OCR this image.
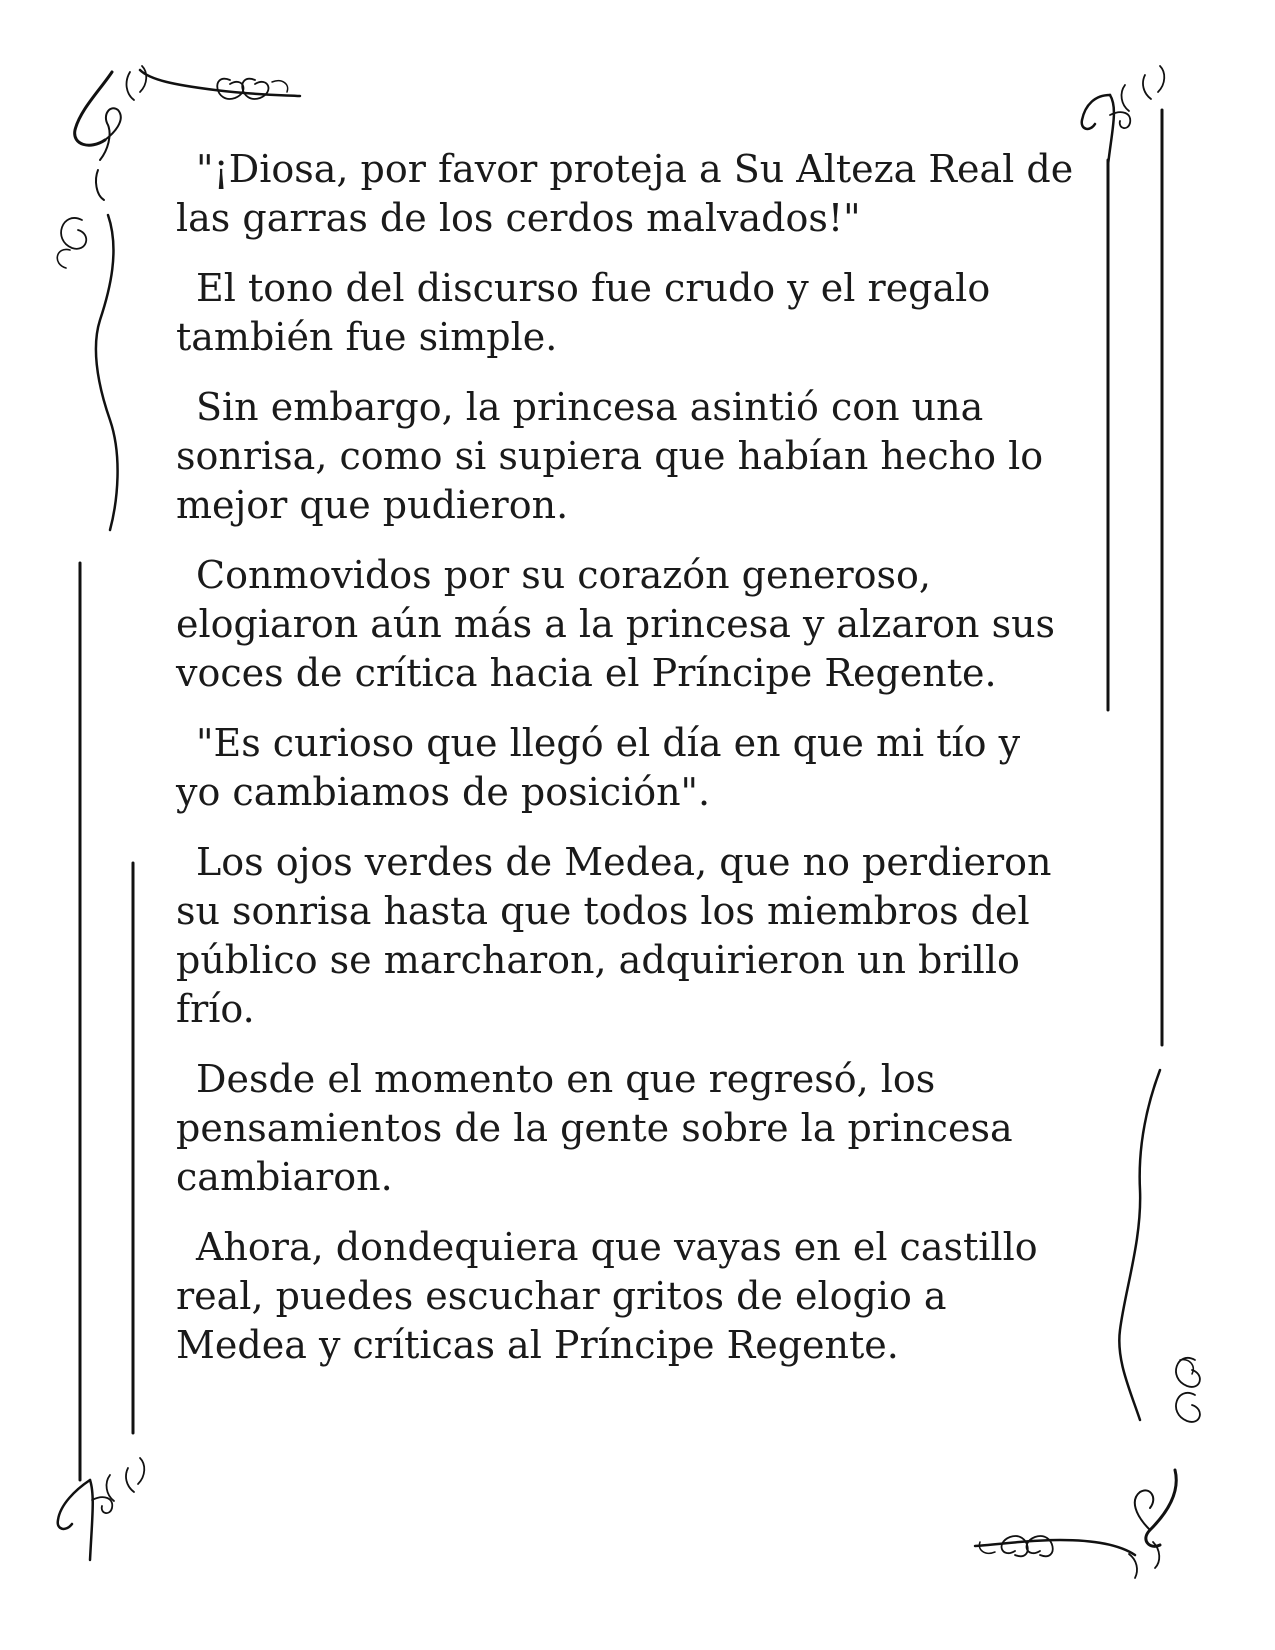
"¡Diosa, por favor proteja a Su Alteza Real de las garras de los cerdos malvados!"

El tono del discurso fue crudo y el regalo también fue simple.

Sin embargo, la princesa asintió con una sonrisa, como si supiera que habían hecho lo mejor que pudieron.

Conmovidos por su corazón generoso, elogiaron aún más a la princesa y alzaron sus voces de crítica hacia el Príncipe Regente.

"Es curioso que llegó el día en que mi tío y yo cambiamos de posición".

Los ojos verdes de Medea, que no perdieron su sonrisa hasta que todos los miembros del público se marcharon, adquirieron un brillo frío.

Desde el momento en que regresó, los pensamientos de la gente sobre la princesa cambiaron.

Ahora, dondequiera que vayas en el castillo real, puedes escuchar gritos de elogio a Medea y críticas al Príncipe Regente.
